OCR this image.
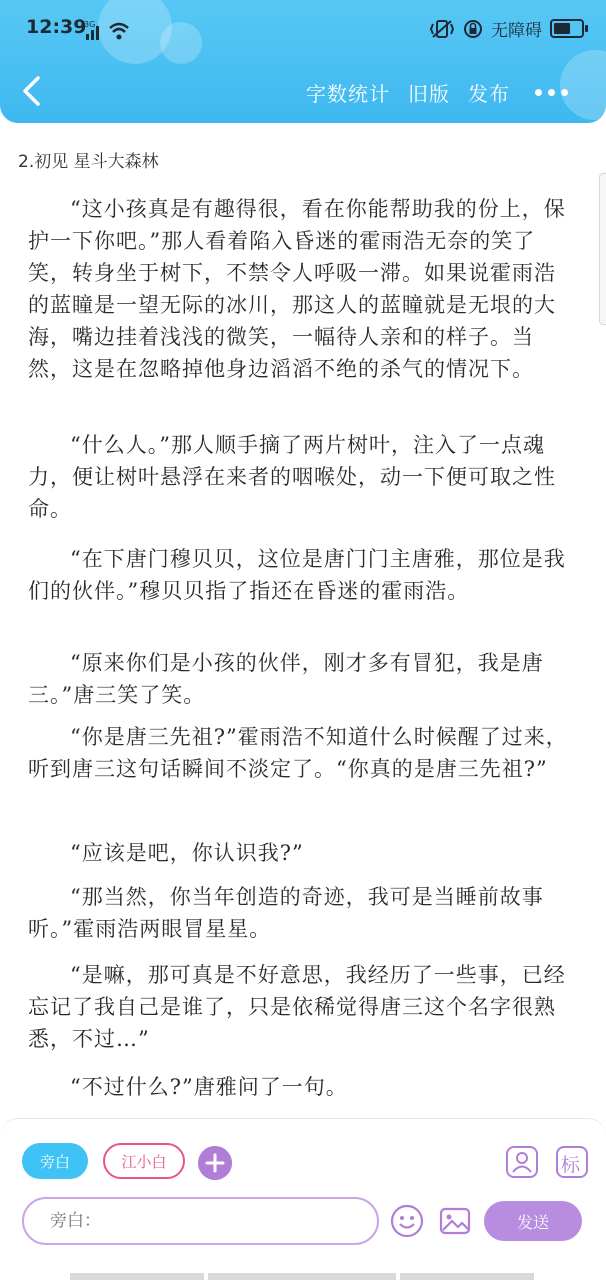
12:39
3G	无障碍
字数统计 旧版 发布
2.初见 星斗大森林
“这小孩真是有趣得很，看在你能帮助我的份上，保护一下你吧。”那人看着陷入昏迷的霍雨浩无奈的笑了笑，转身坐于树下，不禁令人呼吸一滞。如果说霍雨浩的蓝瞳是一望无际的冰川，那这人的蓝瞳就是无垠的大海，嘴边挂着浅浅的微笑，一幅待人亲和的样子。当然，这是在忽略掉他身边滔滔不绝的杀气的情况下。
“什么人。”那人顺手摘了两片树叶，注入了一点魂力，便让树叶悬浮在来者的咽喉处，动一下便可取之性命。
“在下唐门穆贝贝，这位是唐门门主唐雅，那位是我们的伙伴。”穆贝贝指了指还在昏迷的霍雨浩。
“原来你们是小孩的伙伴，刚才多有冒犯，我是唐三。”唐三笑了笑。
“你是唐三先祖?”霍雨浩不知道什么时候醒了过来，听到唐三这句话瞬间不淡定了。“你真的是唐三先祖?”
“应该是吧，你认识我?”
“那当然，你当年创造的奇迹，我可是当睡前故事听。”霍雨浩两眼冒星星。
“是嘛，那可真是不好意思，我经历了一些事，已经忘记了我自己是谁了，只是依稀觉得唐三这个名字很熟悉，不过…”
“不过什么?”唐雅问了一句。
旁白	江小白	标
旁白：
发送
